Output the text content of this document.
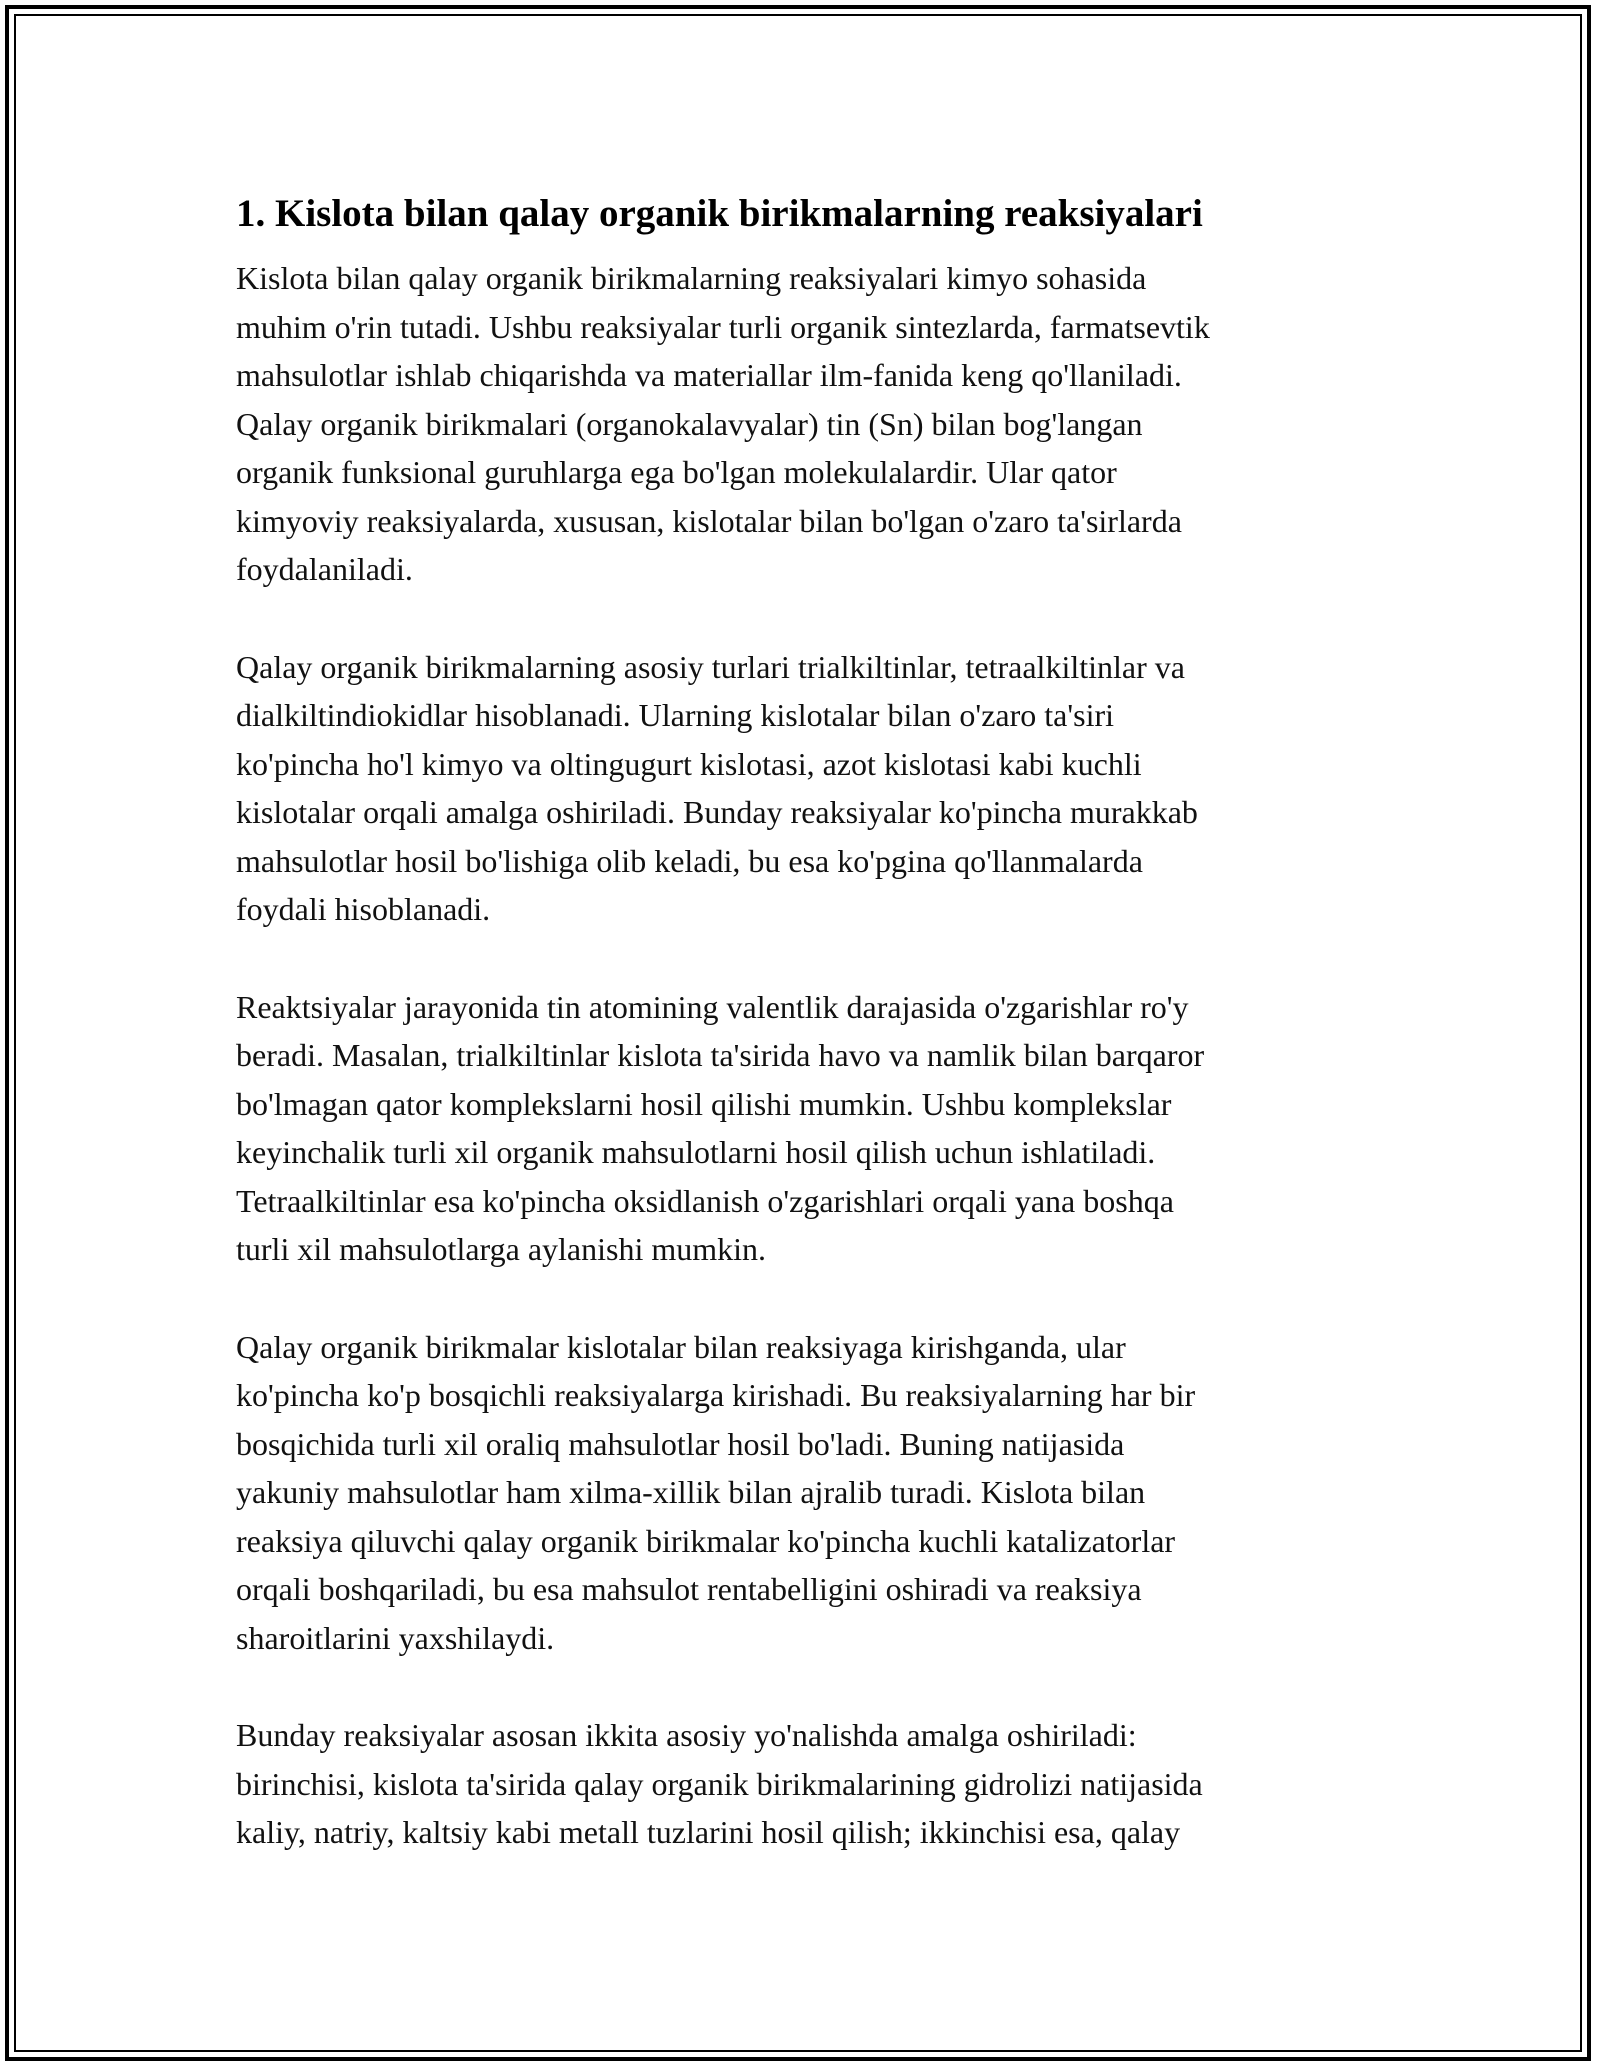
1. Kislota bilan qalay organik birikmalarning reaksiyalari

Kislota bilan qalay organik birikmalarning reaksiyalari kimyo sohasida
muhim o'rin tutadi. Ushbu reaksiyalar turli organik sintezlarda, farmatsevtik
mahsulotlar ishlab chiqarishda va materiallar ilm-fanida keng qo'llaniladi.
Qalay organik birikmalari (organokalavyalar) tin (Sn) bilan bog'langan
organik funksional guruhlarga ega bo'lgan molekulalardir. Ular qator
kimyoviy reaksiyalarda, xususan, kislotalar bilan bo'lgan o'zaro ta'sirlarda
foydalaniladi.

Qalay organik birikmalarning asosiy turlari trialkiltinlar, tetraalkiltinlar va
dialkiltindiokidlar hisoblanadi. Ularning kislotalar bilan o'zaro ta'siri
ko'pincha ho'l kimyo va oltingugurt kislotasi, azot kislotasi kabi kuchli
kislotalar orqali amalga oshiriladi. Bunday reaksiyalar ko'pincha murakkab
mahsulotlar hosil bo'lishiga olib keladi, bu esa ko'pgina qo'llanmalarda
foydali hisoblanadi.

Reaktsiyalar jarayonida tin atomining valentlik darajasida o'zgarishlar ro'y
beradi. Masalan, trialkiltinlar kislota ta'sirida havo va namlik bilan barqaror
bo'lmagan qator komplekslarni hosil qilishi mumkin. Ushbu komplekslar
keyinchalik turli xil organik mahsulotlarni hosil qilish uchun ishlatiladi.
Tetraalkiltinlar esa ko'pincha oksidlanish o'zgarishlari orqali yana boshqa
turli xil mahsulotlarga aylanishi mumkin.

Qalay organik birikmalar kislotalar bilan reaksiyaga kirishganda, ular
ko'pincha ko'p bosqichli reaksiyalarga kirishadi. Bu reaksiyalarning har bir
bosqichida turli xil oraliq mahsulotlar hosil bo'ladi. Buning natijasida
yakuniy mahsulotlar ham xilma-xillik bilan ajralib turadi. Kislota bilan
reaksiya qiluvchi qalay organik birikmalar ko'pincha kuchli katalizatorlar
orqali boshqariladi, bu esa mahsulot rentabelligini oshiradi va reaksiya
sharoitlarini yaxshilaydi.

Bunday reaksiyalar asosan ikkita asosiy yo'nalishda amalga oshiriladi:
birinchisi, kislota ta'sirida qalay organik birikmalarining gidrolizi natijasida
kaliy, natriy, kaltsiy kabi metall tuzlarini hosil qilish; ikkinchisi esa, qalay
